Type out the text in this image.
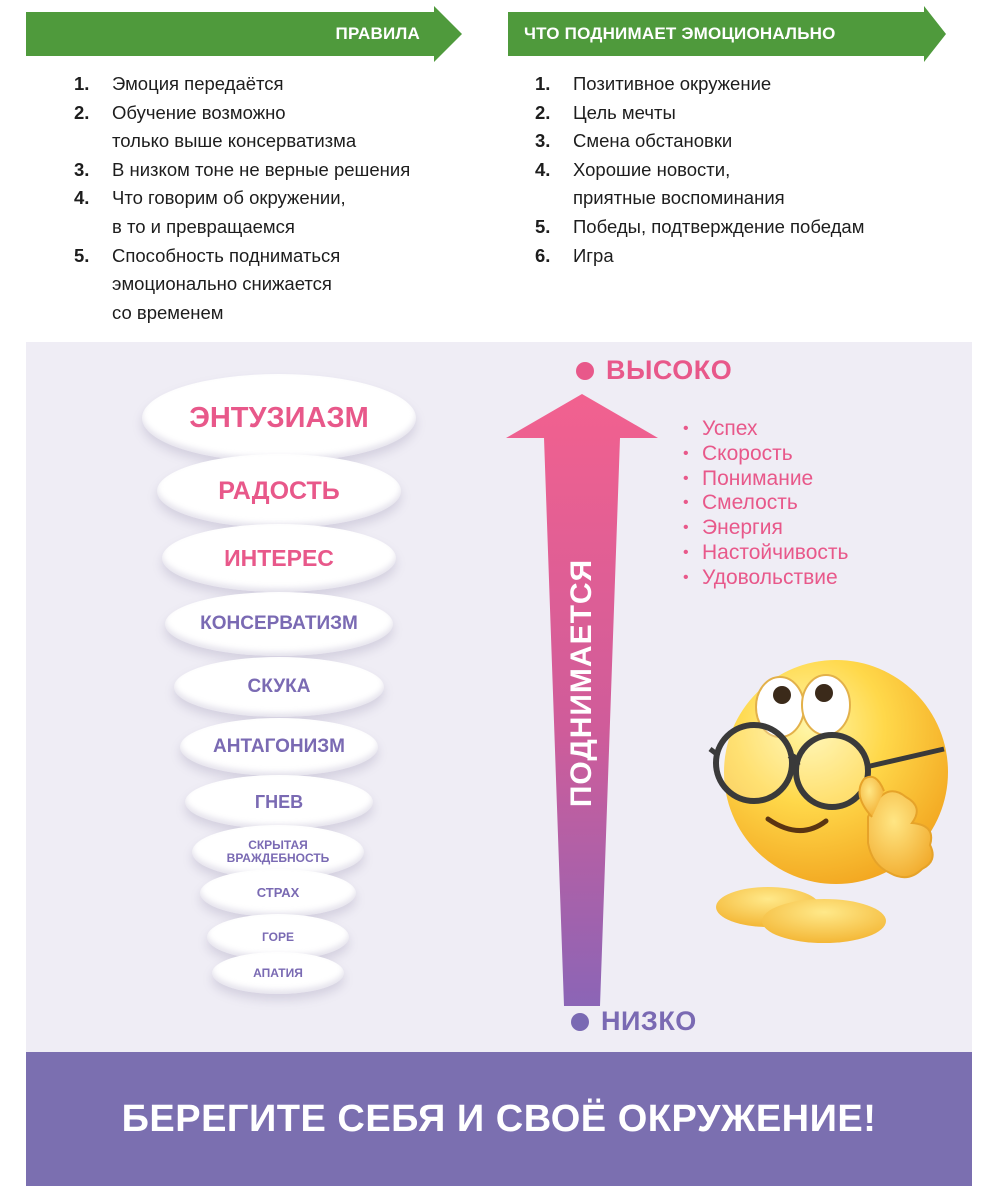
ПРАВИЛА	ЧТО ПОДНИМАЕТ ЭМОЦИОНАЛЬНО
1. Эмоция передаётся
2. Обучение возможно
только выше консерватизма
3. В низком тоне не верные решения
4. Что говорим об окружении,
в то и превращаемся
5. Способность подниматься
эмоционально снижается
со временем
1. Позитивное окружение
2. Цель мечты
3. Смена обстановки
4. Хорошие новости,
приятные воспоминания
5. Победы, подтверждение победам
6. Игра
ЭНТУЗИАЗМ
РАДОСТЬ
ИНТЕРЕС
КОНСЕРВАТИЗМ
СКУКА
АНТАГОНИЗМ
ГНЕВ
СКРЫТАЯ
ВРАЖДЕБНОСТЬ
СТРАХ
ГОРЕ
АПАТИЯ
ВЫСОКО
ПОДНИМАЕТСЯ
• Успех
• Скорость
• Понимание
• Смелость
• Энергия
• Настойчивость
• Удовольствие
НИЗКО
БЕРЕГИТЕ СЕБЯ И СВОЁ ОКРУЖЕНИЕ!
